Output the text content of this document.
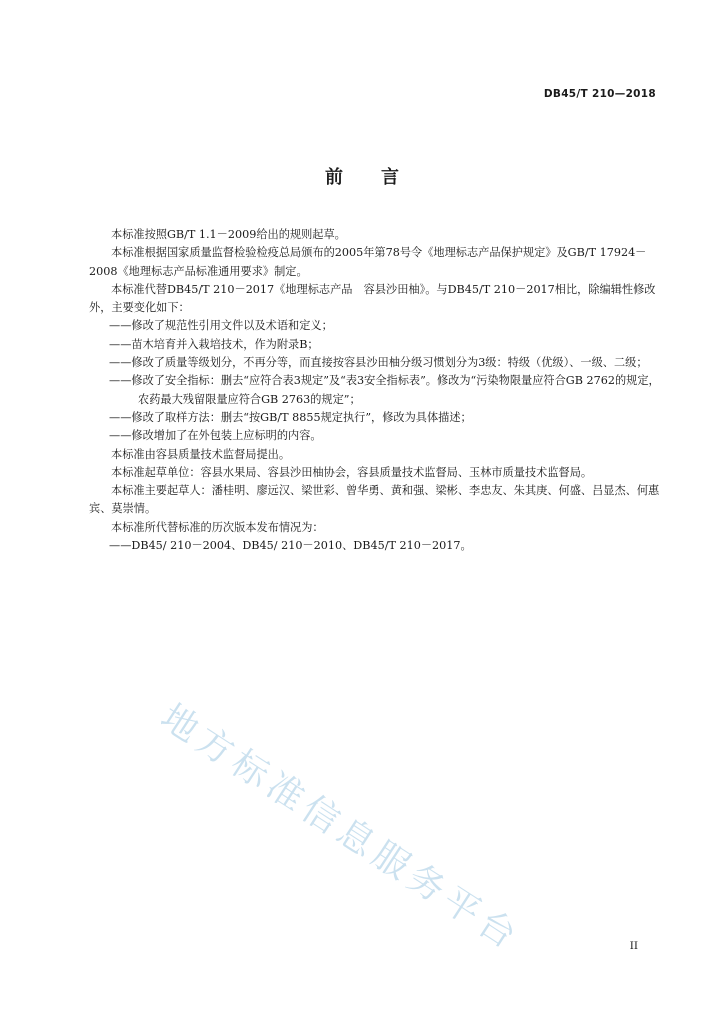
DB45/T 210—2018
前言

本标准按照GB/T 1.1－2009给出的规则起草。

本标准根据国家质量监督检验检疫总局颁布的2005年第78号令《地理标志产品保护规定》及GB/T 17924－2008《地理标志产品标准通用要求》制定。

本标准代替DB45/T 210－2017《地理标志产品　容县沙田柚》。与DB45/T 210－2017相比，除编辑性修改外，主要变化如下：

——修改了规范性引用文件以及术语和定义；

——苗木培育并入栽培技术，作为附录B；

——修改了质量等级划分，不再分等，而直接按容县沙田柚分级习惯划分为3级：特级（优级）、一级、二级；

——修改了安全指标：删去“应符合表3规定”及“表3安全指标表”。修改为“污染物限量应符合GB 2762的规定，农药最大残留限量应符合GB 2763的规定”；

——修改了取样方法：删去“按GB/T 8855规定执行”，修改为具体描述；

——修改增加了在外包装上应标明的内容。

本标准由容县质量技术监督局提出。

本标准起草单位：容县水果局、容县沙田柚协会，容县质量技术监督局、玉林市质量技术监督局。

本标准主要起草人：潘桂明、廖远汉、梁世彩、曾华勇、黄和强、梁彬、李忠友、朱其庚、何盛、吕显杰、何惠宾、莫崇情。

本标准所代替标准的历次版本发布情况为：

——DB45/ 210－2004、DB45/ 210－2010、DB45/T 210－2017。

地方标准信息服务平台	II
